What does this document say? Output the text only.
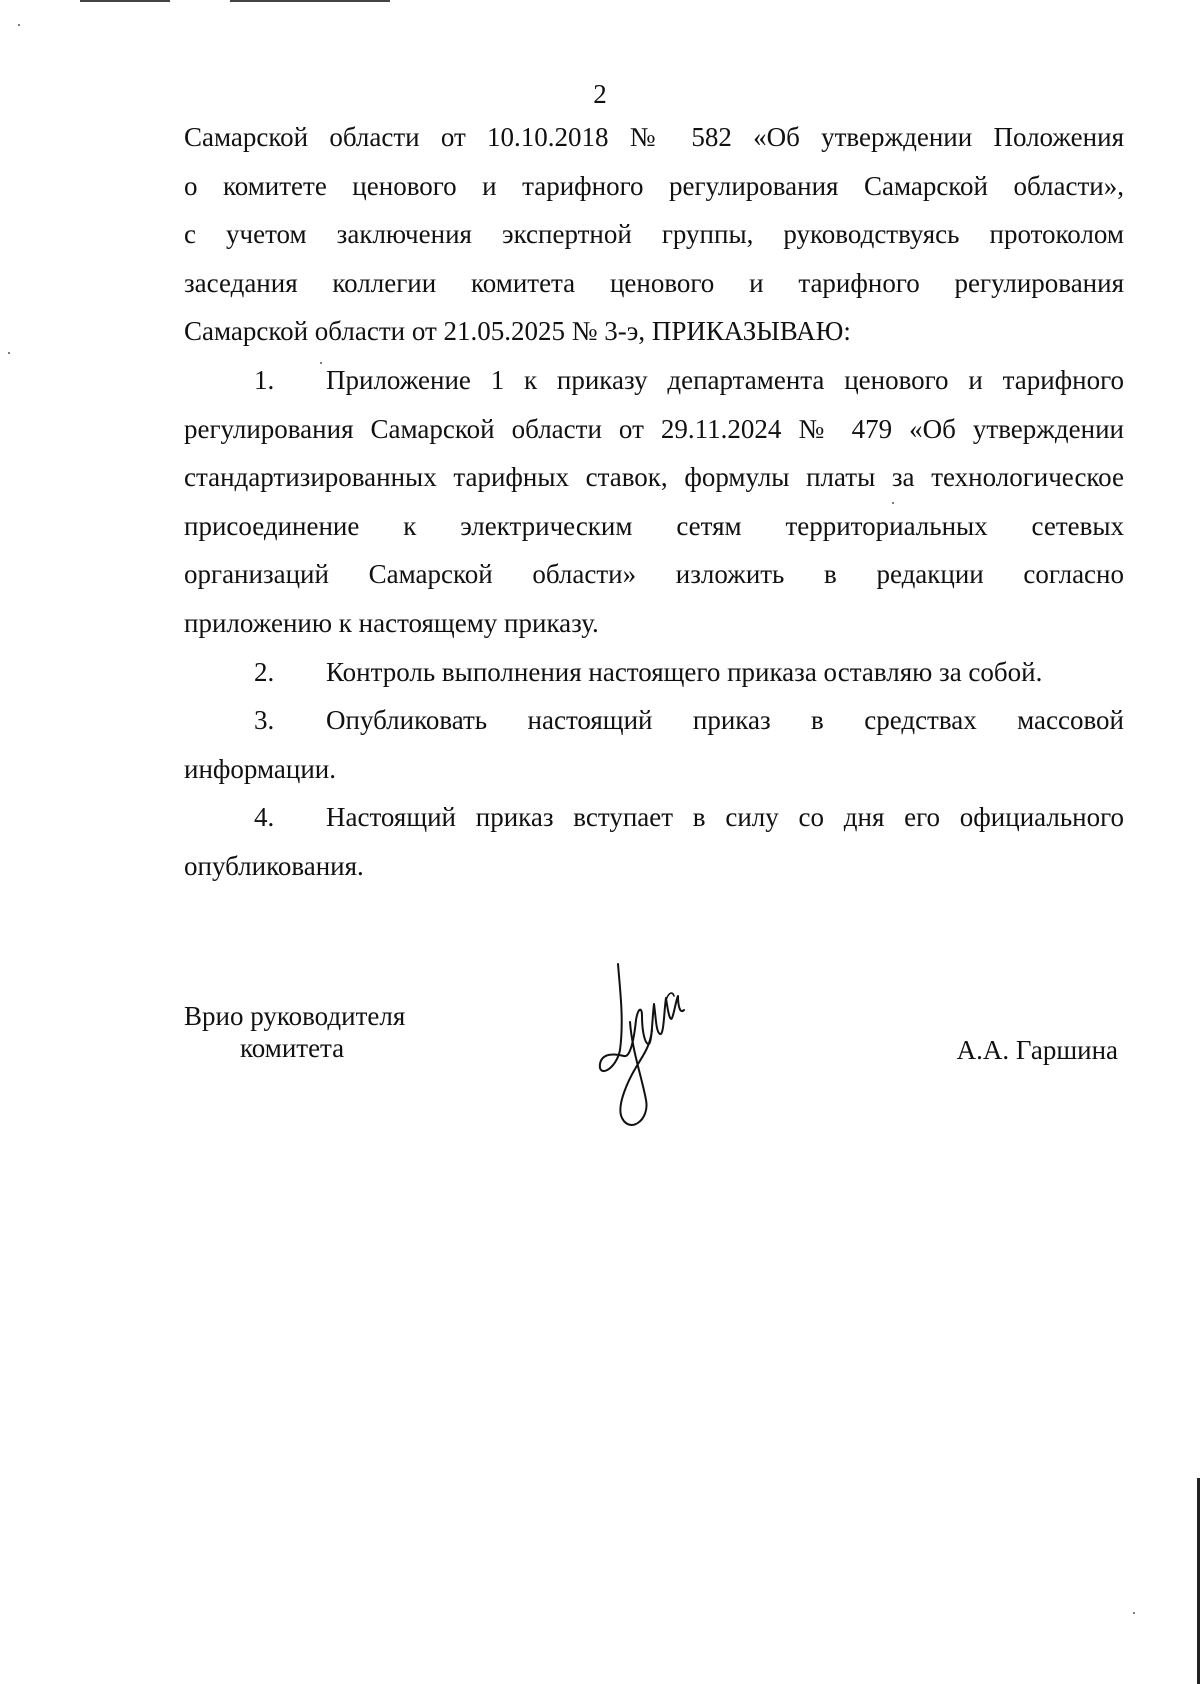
2
Самарской области от 10.10.2018 № 582 «Об утверждении Положения
о комитете ценового и тарифного регулирования Самарской области»,
с учетом заключения экспертной группы, руководствуясь протоколом
заседания коллегии комитета ценового и тарифного регулирования
Самарской области от 21.05.2025 № 3-э, ПРИКАЗЫВАЮ:
1. Приложение 1 к приказу департамента ценового и тарифного
регулирования Самарской области от 29.11.2024 № 479 «Об утверждении
стандартизированных тарифных ставок, формулы платы за технологическое
присоединение к электрическим сетям территориальных сетевых
организаций Самарской области» изложить в редакции согласно
приложению к настоящему приказу.
2. Контроль выполнения настоящего приказа оставляю за собой.
3. Опубликовать настоящий приказ в средствах массовой
информации.
4. Настоящий приказ вступает в силу со дня его официального
опубликования.
Врио руководителя
комитета	А.А. Гаршина
